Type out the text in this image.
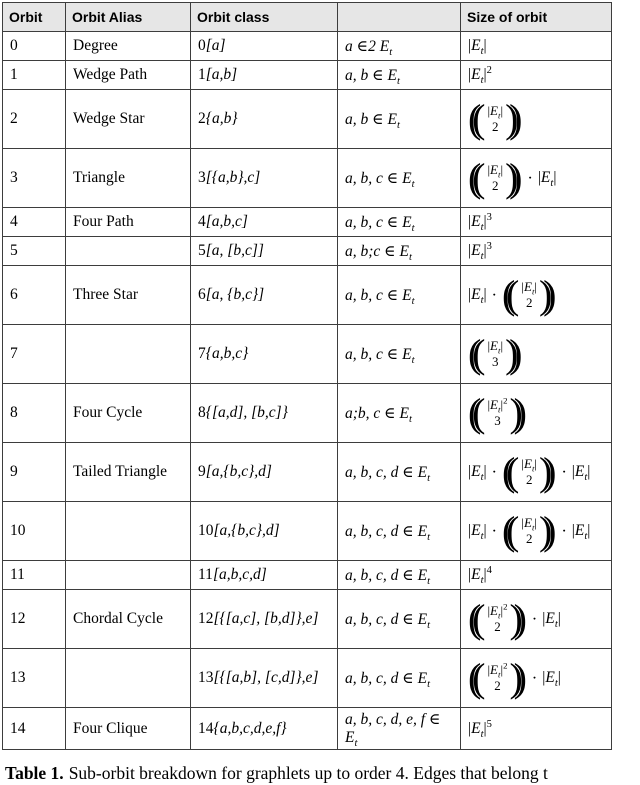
Orbit	Orbit Alias	Orbit class		Size of orbit
0	Degree	0[a]	a ∈2 $E_t$	$|E_t|$

1	Wedge Path	1[a,b]	a, b ∈ $E_t$	$|E_t|^2$

2	Wedge Star	2{a,b}	a, b ∈ $E_t$	(( $|E_t|$
2 ))

3	Triangle	3[{a,b},c]	a, b, c ∈ $E_t$	(( $|E_t|$
2 )) ⋅ $|E_t|$

4	Four Path	4[a,b,c]	a, b, c ∈ $E_t$	$|E_t|^3$

5		5[a, [b,c]]	a, b;c ∈ $E_t$	$|E_t|^3$

6	Three Star	6[a, {b,c}]	a, b, c ∈ $E_t$	$|E_t|$ ⋅ (( $|E_t|$
2 ))

7		7{a,b,c}	a, b, c ∈ $E_t$	(( $|E_t|$
3 ))

8	Four Cycle	8{[a,d], [b,c]}	a;b, c ∈ $E_t$	(( $|E_t|^2$
3 ))

9	Tailed Triangle	9[a,{b,c},d]	a, b, c, d ∈ $E_t$	$|E_t|$ ⋅ (( $|E_t|$
2 )) ⋅ $|E_t|$

10		10[a,{b,c},d]	a, b, c, d ∈ $E_t$	$|E_t|$ ⋅ (( $|E_t|$
2 )) ⋅ $|E_t|$

11		11[a,b,c,d]	a, b, c, d ∈ $E_t$	$|E_t|^4$

12	Chordal Cycle	12[{[a,c], [b,d]},e]	a, b, c, d ∈ $E_t$	(( $|E_t|^2$
2 )) ⋅ $|E_t|$

13		13[{[a,b], [c,d]},e]	a, b, c, d ∈ $E_t$	(( $|E_t|^2$
2 )) ⋅ $|E_t|$

14	Four Clique	14{a,b,c,d,e,f}	a, b, c, d, e, f ∈ $E_t$	$|E_t|^5$
Table 1. Sub-orbit breakdown for graphlets up to order 4. Edges that belong t
